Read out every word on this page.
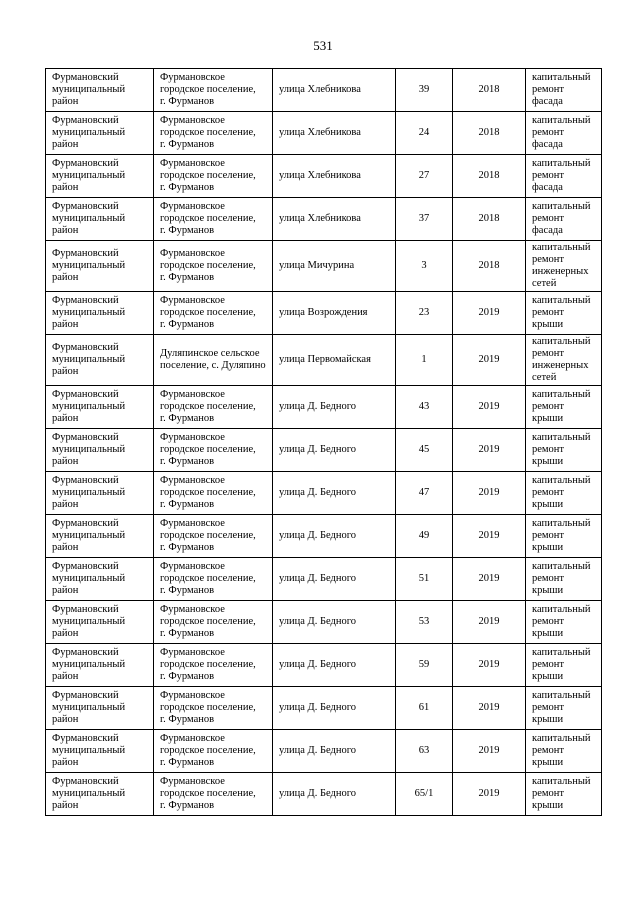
531
Фурмановский
муниципальный
район	Фурмановское
городское поселение,
г. Фурманов	улица Хлебникова	39	2018	капитальный
ремонт фасада
Фурмановский
муниципальный
район	Фурмановское
городское поселение,
г. Фурманов	улица Хлебникова	24	2018	капитальный
ремонт фасада
Фурмановский
муниципальный
район	Фурмановское
городское поселение,
г. Фурманов	улица Хлебникова	27	2018	капитальный
ремонт фасада
Фурмановский
муниципальный
район	Фурмановское
городское поселение,
г. Фурманов	улица Хлебникова	37	2018	капитальный
ремонт фасада
Фурмановский
муниципальный
район	Фурмановское
городское поселение,
г. Фурманов	улица Мичурина	3	2018	капитальный
ремонт
инженерных
сетей
Фурмановский
муниципальный
район	Фурмановское
городское поселение,
г. Фурманов	улица Возрождения	23	2019	капитальный
ремонт крыши
Фурмановский
муниципальный
район	Дуляпинское сельское
поселение, с. Дуляпино	улица Первомайская	1	2019	капитальный
ремонт
инженерных
сетей
Фурмановский
муниципальный
район	Фурмановское
городское поселение,
г. Фурманов	улица Д. Бедного	43	2019	капитальный
ремонт крыши
Фурмановский
муниципальный
район	Фурмановское
городское поселение,
г. Фурманов	улица Д. Бедного	45	2019	капитальный
ремонт крыши
Фурмановский
муниципальный
район	Фурмановское
городское поселение,
г. Фурманов	улица Д. Бедного	47	2019	капитальный
ремонт крыши
Фурмановский
муниципальный
район	Фурмановское
городское поселение,
г. Фурманов	улица Д. Бедного	49	2019	капитальный
ремонт крыши
Фурмановский
муниципальный
район	Фурмановское
городское поселение,
г. Фурманов	улица Д. Бедного	51	2019	капитальный
ремонт крыши
Фурмановский
муниципальный
район	Фурмановское
городское поселение,
г. Фурманов	улица Д. Бедного	53	2019	капитальный
ремонт крыши
Фурмановский
муниципальный
район	Фурмановское
городское поселение,
г. Фурманов	улица Д. Бедного	59	2019	капитальный
ремонт крыши
Фурмановский
муниципальный
район	Фурмановское
городское поселение,
г. Фурманов	улица Д. Бедного	61	2019	капитальный
ремонт крыши
Фурмановский
муниципальный
район	Фурмановское
городское поселение,
г. Фурманов	улица Д. Бедного	63	2019	капитальный
ремонт крыши
Фурмановский
муниципальный
район	Фурмановское
городское поселение,
г. Фурманов	улица Д. Бедного	65/1	2019	капитальный
ремонт крыши
